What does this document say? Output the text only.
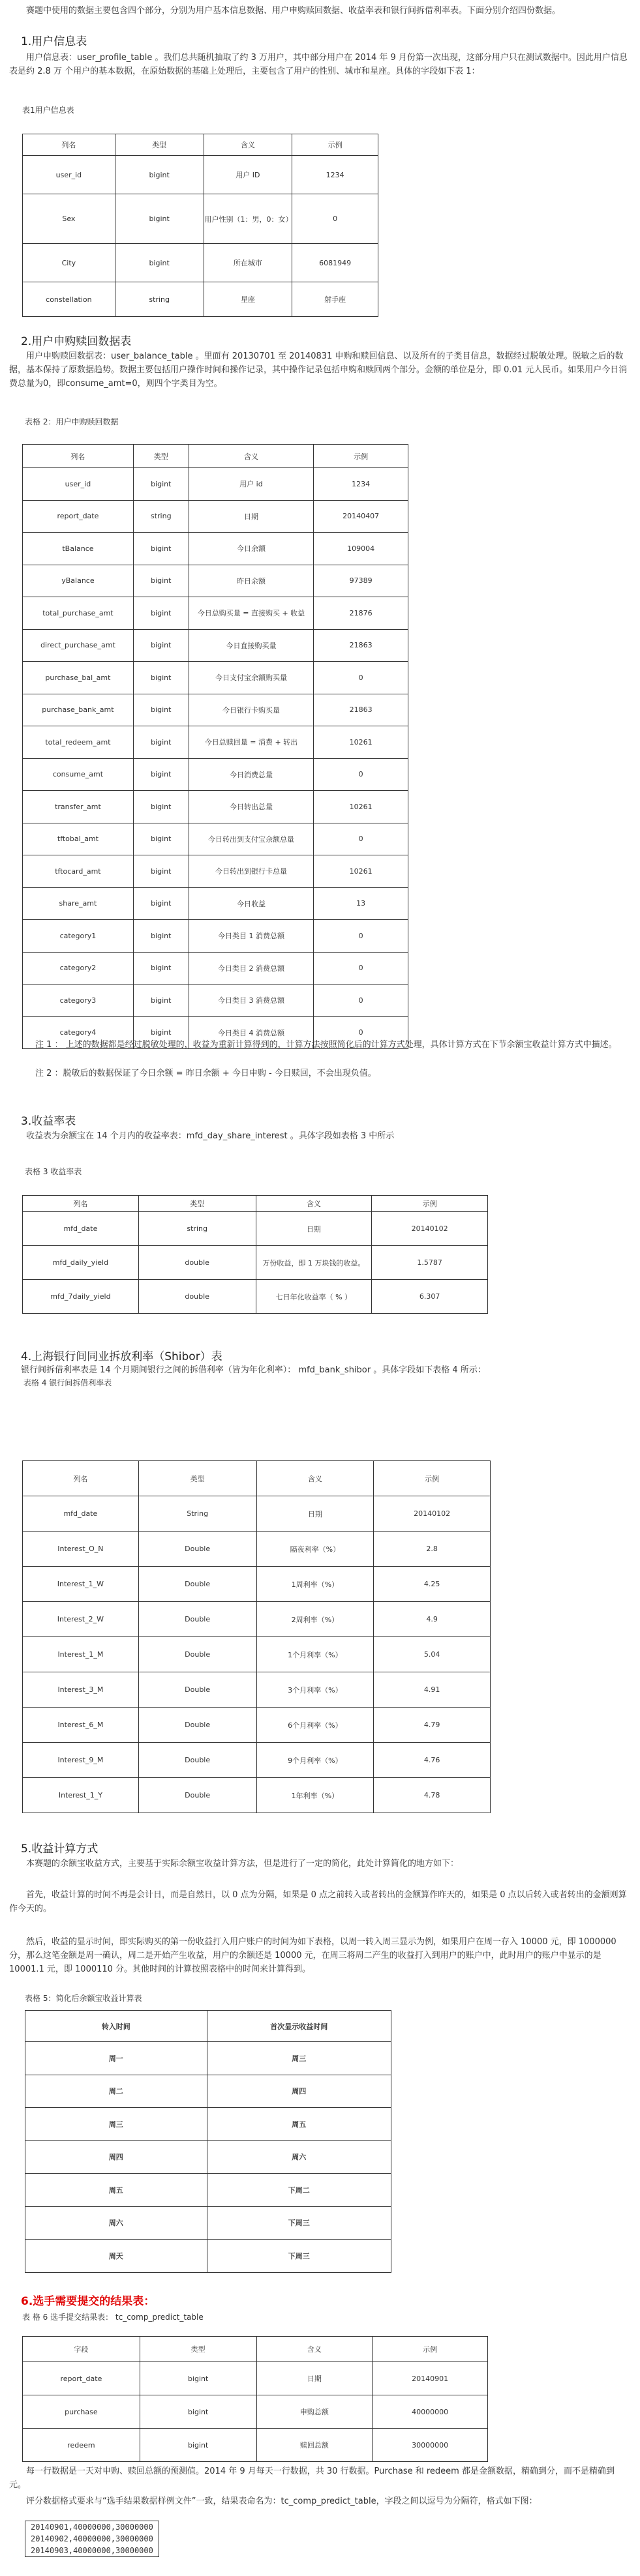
赛题中使用的数据主要包含四个部分，分别为用户基本信息数据、用户申购赎回数据、收益率表和银行间拆借利率表。下面分别介绍四份数据。

1.用户信息表

用户信息表：user_profile_table 。我们总共随机抽取了约 3 万用户，其中部分用户在 2014 年 9 月份第一次出现，这部分用户只在测试数据中。因此用户信息表是约 2.8 万 个用户的基本数据，在原始数据的基础上处理后，主要包含了用户的性别、城市和星座。具体的字段如下表 1：

表1用户信息表
列名	类型	含义	示例
user_id	bigint	用户 ID	1234
Sex	bigint	用户性别（1：男，0：女）	0
City	bigint	所在城市	6081949
constellation	string	星座	射手座
2.用户申购赎回数据表

用户申购赎回数据表：user_balance_table 。里面有 20130701 至 20140831 申购和赎回信息、以及所有的子类目信息，数据经过脱敏处理。脱敏之后的数据，基本保持了原数据趋势。数据主要包括用户操作时间和操作记录，其中操作记录包括申购和赎回两个部分。金额的单位是分，即 0.01 元人民币。如果用户今日消费总量为0，即consume_amt=0，则四个字类目为空。

表格 2：用户申购赎回数据
列名	类型	含义	示例
user_id	bigint	用户 id	1234
report_date	string	日期	20140407
tBalance	bigint	今日余额	109004
yBalance	bigint	昨日余额	97389
total_purchase_amt	bigint	今日总购买量 = 直接购买 + 收益	21876
direct_purchase_amt	bigint	今日直接购买量	21863
purchase_bal_amt	bigint	今日支付宝余额购买量	0
purchase_bank_amt	bigint	今日银行卡购买量	21863
total_redeem_amt	bigint	今日总赎回量 = 消费 + 转出	10261
consume_amt	bigint	今日消费总量	0
transfer_amt	bigint	今日转出总量	10261
tftobal_amt	bigint	今日转出到支付宝余额总量	0
tftocard_amt	bigint	今日转出到银行卡总量	10261
share_amt	bigint	今日收益	13
category1	bigint	今日类目 1 消费总额	0
category2	bigint	今日类目 2 消费总额	0
category3	bigint	今日类目 3 消费总额	0
category4	bigint	今日类目 4 消费总额	0

注 1 ： 上述的数据都是经过脱敏处理的，收益为重新计算得到的，计算方法按照简化后的计算方式处理，具体计算方式在下节余额宝收益计算方式中描述。

注 2 ：脱敏后的数据保证了今日余额 = 昨日余额 + 今日申购 - 今日赎回，不会出现负值。

3.收益率表

收益表为余额宝在 14 个月内的收益率表：mfd_day_share_interest 。具体字段如表格 3 中所示

表格 3 收益率表
列名	类型	含义	示例
mfd_date	string	日期	20140102
mfd_daily_yield	double	万份收益，即 1 万块钱的收益。	1.5787
mfd_7daily_yield	double	七日年化收益率（ % ）	6.307
4.上海银行间同业拆放利率（Shibor）表

银行间拆借利率表是 14 个月期间银行之间的拆借利率（皆为年化利率）： mfd_bank_shibor 。具体字段如下表格 4 所示：

表格 4 银行间拆借利率表
列名	类型	含义	示例
mfd_date	String	日期	20140102
Interest_O_N	Double	隔夜利率（%）	2.8
Interest_1_W	Double	1周利率（%）	4.25
Interest_2_W	Double	2周利率（%）	4.9
Interest_1_M	Double	1个月利率（%）	5.04
Interest_3_M	Double	3个月利率（%）	4.91
Interest_6_M	Double	6个月利率（%）	4.79
Interest_9_M	Double	9个月利率（%）	4.76
Interest_1_Y	Double	1年利率（%）	4.78
5.收益计算方式

本赛题的余额宝收益方式，主要基于实际余额宝收益计算方法，但是进行了一定的简化，此处计算简化的地方如下：

首先，收益计算的时间不再是会计日，而是自然日，以 0 点为分隔，如果是 0 点之前转入或者转出的金额算作昨天的，如果是 0 点以后转入或者转出的金额则算作今天的。

然后，收益的显示时间，即实际购买的第一份收益打入用户账户的时间为如下表格，以周一转入周三显示为例，如果用户在周一存入 10000 元，即 1000000 分，那么这笔金额是周一确认，周二是开始产生收益，用户的余额还是 10000 元，在周三将周二产生的收益打入到用户的账户中，此时用户的账户中显示的是 10001.1 元，即 1000110 分。其他时间的计算按照表格中的时间来计算得到。

表格 5：简化后余额宝收益计算表
转入时间	首次显示收益时间
周一	周三
周二	周四
周三	周五
周四	周六
周五	下周二
周六	下周三
周天	下周三
6.选手需要提交的结果表：
表 格 6 选手提交结果表： tc_comp_predict_table
字段	类型	含义	示例
report_date	bigint	日期	20140901
purchase	bigint	申购总额	40000000
redeem	bigint	赎回总额	30000000

每一行数据是一天对申购、赎回总额的预测值。2014 年 9 月每天一行数据，共 30 行数据。Purchase 和 redeem 都是金额数据，精确到分，而不是精确到元。

评分数据格式要求与“选手结果数据样例文件”一致，结果表命名为：tc_comp_predict_table，字段之间以逗号为分隔符，格式如下图：

20140901,40000000,30000000
20140902,40000000,30000000
20140903,40000000,30000000
